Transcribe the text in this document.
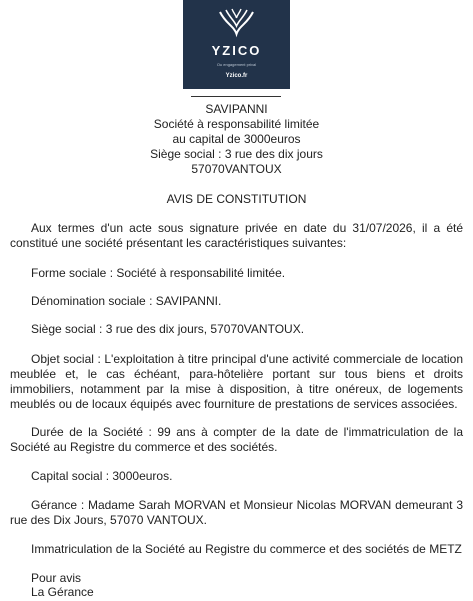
YZICO
Ou engagement prival
Yzico.fr

SAVIPANNI

Société à responsabilité limitée

au capital de 3000euros

Siège social : 3 rue des dix jours

57070VANTOUX

AVIS DE CONSTITUTION

Aux termes d'un acte sous signature privée en date du 31/07/2026, il a été constitué une société présentant les caractéristiques suivantes:

Forme sociale : Société à responsabilité limitée.

Dénomination sociale : SAVIPANNI.

Siège social : 3 rue des dix jours, 57070VANTOUX.

Objet social : L'exploitation à titre principal d'une activité commerciale de location meublée et, le cas échéant, para-hôtelière portant sur tous biens et droits immobiliers, notamment par la mise à disposition, à titre onéreux, de logements meublés ou de locaux équipés avec fourniture de prestations de services associées.

Durée de la Société : 99 ans à compter de la date de l'immatriculation de la Société au Registre du commerce et des sociétés.

Capital social : 3000euros.

Gérance : Madame Sarah MORVAN et Monsieur Nicolas MORVAN demeurant 3 rue des Dix Jours, 57070 VANTOUX.

Immatriculation de la Société au Registre du commerce et des sociétés de METZ

Pour avis

La Gérance
